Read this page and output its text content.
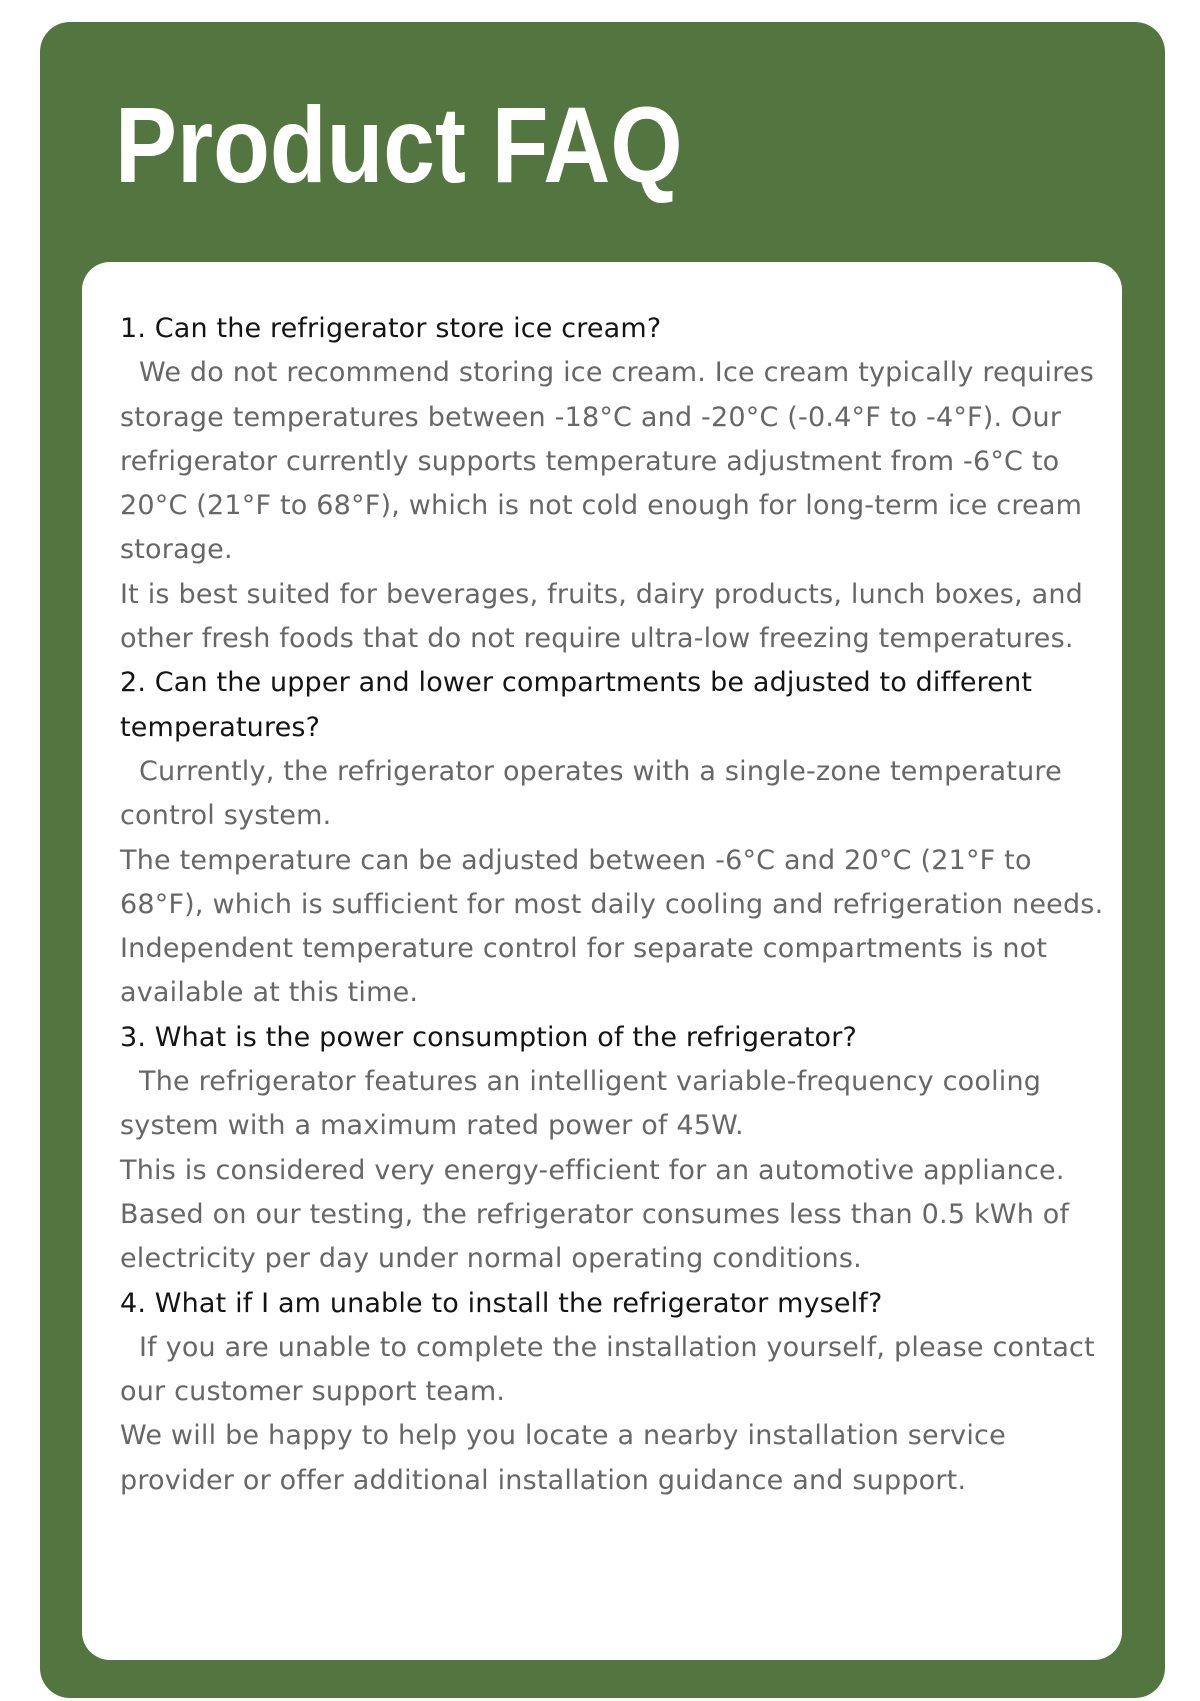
Product FAQ

1. Can the refrigerator store ice cream?

We do not recommend storing ice cream. Ice cream typically requires storage temperatures between -18°C and -20°C (-0.4°F to -4°F). Our refrigerator currently supports temperature adjustment from -6°C to 20°C (21°F to 68°F), which is not cold enough for long-term ice cream storage.

It is best suited for beverages, fruits, dairy products, lunch boxes, and other fresh foods that do not require ultra-low freezing temperatures.

2. Can the upper and lower compartments be adjusted to different temperatures?

Currently, the refrigerator operates with a single-zone temperature control system.

The temperature can be adjusted between -6°C and 20°C (21°F to 68°F), which is sufficient for most daily cooling and refrigeration needs. Independent temperature control for separate compartments is not available at this time.

3. What is the power consumption of the refrigerator?

The refrigerator features an intelligent variable-frequency cooling system with a maximum rated power of 45W.

This is considered very energy-efficient for an automotive appliance. Based on our testing, the refrigerator consumes less than 0.5 kWh of electricity per day under normal operating conditions.

4. What if I am unable to install the refrigerator myself?

If you are unable to complete the installation yourself, please contact our customer support team.

We will be happy to help you locate a nearby installation service provider or offer additional installation guidance and support.
